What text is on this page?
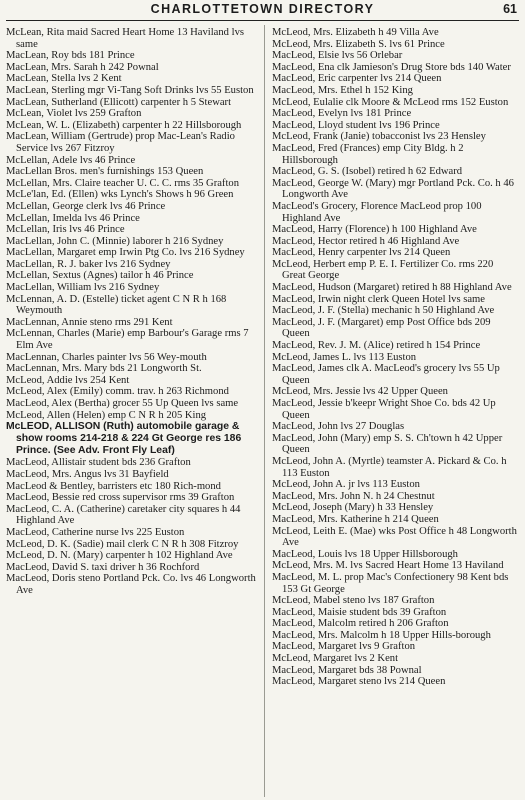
CHARLOTTETOWN DIRECTORY	61

McLean, Rita maid Sacred Heart Home 13 Haviland lvs same

MacLean, Roy bds 181 Prince

MacLean, Mrs. Sarah h 242 Pownal

MacLean, Stella lvs 2 Kent

MacLean, Sterling mgr Vi-Tang Soft Drinks lvs 55 Euston

MacLean, Sutherland (Ellicott) carpenter h 5 Stewart

McLean, Violet lvs 259 Grafton

McLean, W. L. (Elizabeth) carpenter h 22 Hillsborough

MacLean, William (Gertrude) prop Mac-Lean's Radio Service lvs 267 Fitzroy

McLellan, Adele lvs 46 Prince

MacLellan Bros. men's furnishings 153 Queen

McLellan, Mrs. Claire teacher U. C. C. rms 35 Grafton

McLe'lan, Ed. (Ellen) wks Lynch's Shows h 96 Green

McLellan, George clerk lvs 46 Prince

McLellan, Imelda lvs 46 Prince

McLellan, Iris lvs 46 Prince

MacLellan, John C. (Minnie) laborer h 216 Sydney

MacLellan, Margaret emp Irwin Ptg Co. lvs 216 Sydney

MacLellan, R. J. baker lvs 216 Sydney

McLellan, Sextus (Agnes) tailor h 46 Prince

MacLellan, William lvs 216 Sydney

McLennan, A. D. (Estelle) ticket agent C N R h 168 Weymouth

MacLennan, Annie steno rms 291 Kent

McLennan, Charles (Marie) emp Barbour's Garage rms 7 Elm Ave

MacLennan, Charles painter lvs 56 Wey-mouth

MacLennan, Mrs. Mary bds 21 Longworth St.

McLeod, Addie lvs 254 Kent

McLeod, Alex (Emily) comm. trav. h 263 Richmond

MacLeod, Alex (Bertha) grocer 55 Up Queen lvs same

McLeod, Allen (Helen) emp C N R h 205 King

McLEOD, ALLISON (Ruth) automobile garage & show rooms 214-218 & 224 Gt George res 186 Prince. (See Adv. Front Fly Leaf)

MacLeod, Allistair student bds 236 Grafton

MacLeod, Mrs. Angus lvs 31 Bayfield

MacLeod & Bentley, barristers etc 180 Rich-mond

MacLeod, Bessie red cross supervisor rms 39 Grafton

MacLeod, C. A. (Catherine) caretaker city squares h 44 Highland Ave

MacLeod, Catherine nurse lvs 225 Euston

McLeod, D. K. (Sadie) mail clerk C N R h 308 Fitzroy

McLeod, D. N. (Mary) carpenter h 102 Highland Ave

MacLeod, David S. taxi driver h 36 Rochford

MacLeod, Doris steno Portland Pck. Co. lvs 46 Longworth Ave

McLeod, Mrs. Elizabeth h 49 Villa Ave

McLeod, Mrs. Elizabeth S. lvs 61 Prince

MacLeod, Elsie lvs 56 Orlebar

MacLeod, Ena clk Jamieson's Drug Store bds 140 Water

MacLeod, Eric carpenter lvs 214 Queen

MacLeod, Mrs. Ethel h 152 King

McLeod, Eulalie clk Moore & McLeod rms 152 Euston

MacLeod, Evelyn lvs 181 Prince

MacLeod, Lloyd student lvs 196 Prince

McLeod, Frank (Janie) tobacconist lvs 23 Hensley

MacLeod, Fred (Frances) emp City Bldg. h 2 Hillsborough

MacLeod, G. S. (Isobel) retired h 62 Edward

MacLeod, George W. (Mary) mgr Portland Pck. Co. h 46 Longworth Ave

MacLeod's Grocery, Florence MacLeod prop 100 Highland Ave

MacLeod, Harry (Florence) h 100 Highland Ave

MacLeod, Hector retired h 46 Highland Ave

MacLeod, Henry carpenter lvs 214 Queen

McLeod, Herbert emp P. E. I. Fertilizer Co. rms 220 Great George

MacLeod, Hudson (Margaret) retired h 88 Highland Ave

MacLeod, Irwin night clerk Queen Hotel lvs same

MacLeod, J. F. (Stella) mechanic h 50 Highland Ave

MacLeod, J. F. (Margaret) emp Post Office bds 209 Queen

MacLeod, Rev. J. M. (Alice) retired h 154 Prince

McLeod, James L. lvs 113 Euston

MacLeod, James clk A. MacLeod's grocery lvs 55 Up Queen

McLeod, Mrs. Jessie lvs 42 Upper Queen

MacLeod, Jessie b'keepr Wright Shoe Co. bds 42 Up Queen

MacLeod, John lvs 27 Douglas

MacLeod, John (Mary) emp S. S. Ch'town h 42 Upper Queen

McLeod, John A. (Myrtle) teamster A. Pickard & Co. h 113 Euston

McLeod, John A. jr lvs 113 Euston

MacLeod, Mrs. John N. h 24 Chestnut

McLeod, Joseph (Mary) h 33 Hensley

MacLeod, Mrs. Katherine h 214 Queen

McLeod, Leith E. (Mae) wks Post Office h 48 Longworth Ave

MacLeod, Louis lvs 18 Upper Hillsborough

McLeod, Mrs. M. lvs Sacred Heart Home 13 Haviland

MacLeod, M. L. prop Mac's Confectionery 98 Kent bds 153 Gt George

McLeod, Mabel steno lvs 187 Grafton

MacLeod, Maisie student bds 39 Grafton

MacLeod, Malcolm retired h 206 Grafton

MacLeod, Mrs. Malcolm h 18 Upper Hills-borough

MacLeod, Margaret lvs 9 Grafton

McLeod, Margaret lvs 2 Kent

MacLeod, Margaret bds 38 Pownal

MacLeod, Margaret steno lvs 214 Queen
